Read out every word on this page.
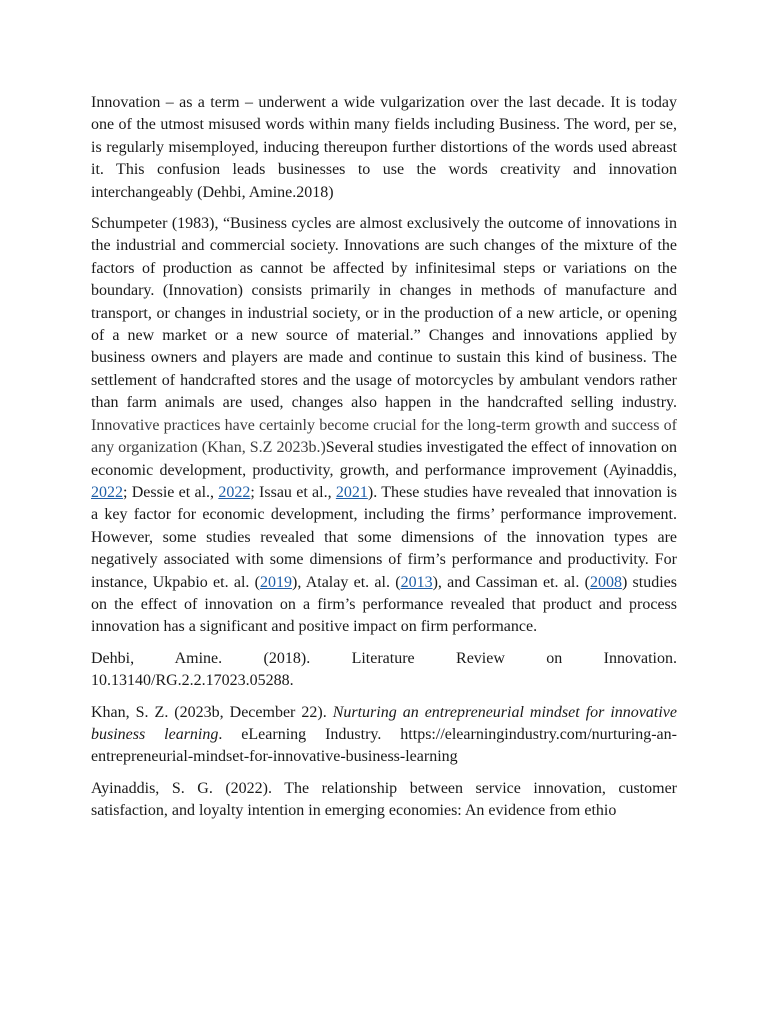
Innovation – as a term – underwent a wide vulgarization over the last decade. It is today one of the utmost misused words within many fields including Business. The word, per se, is regularly misemployed, inducing thereupon further distortions of the words used abreast it. This confusion leads businesses to use the words creativity and innovation interchangeably (Dehbi, Amine.2018)

Schumpeter (1983), “Business cycles are almost exclusively the outcome of innovations in the industrial and commercial society. Innovations are such changes of the mixture of the factors of production as cannot be affected by infinitesimal steps or variations on the boundary. (Innovation) consists primarily in changes in methods of manufacture and transport, or changes in industrial society, or in the production of a new article, or opening of a new market or a new source of material.” Changes and innovations applied by business owners and players are made and continue to sustain this kind of business. The settlement of handcrafted stores and the usage of motorcycles by ambulant vendors rather than farm animals are used, changes also happen in the handcrafted selling industry. Innovative practices have certainly become crucial for the long-term growth and success of any organization (Khan, S.Z 2023b.)Several studies investigated the effect of innovation on economic development, productivity, growth, and performance improvement (Ayinaddis, 2022; Dessie et al., 2022; Issau et al., 2021). These studies have revealed that innovation is a key factor for economic development, including the firms’ performance improvement. However, some studies revealed that some dimensions of the innovation types are negatively associated with some dimensions of firm’s performance and productivity. For instance, Ukpabio et. al. (2019), Atalay et. al. (2013), and Cassiman et. al. (2008) studies on the effect of innovation on a firm’s performance revealed that product and process innovation has a significant and positive impact on firm performance.

Dehbi, Amine. (2018). Literature Review on Innovation.
10.13140/RG.2.2.17023.05288.

Khan, S. Z. (2023b, December 22). Nurturing an entrepreneurial mindset for innovative business learning. eLearning Industry. https://elearningindustry.com/nurturing-an-entrepreneurial-mindset-for-innovative-business-learning

Ayinaddis, S. G. (2022). The relationship between service innovation, customer satisfaction, and loyalty intention in emerging economies: An evidence from ethio
